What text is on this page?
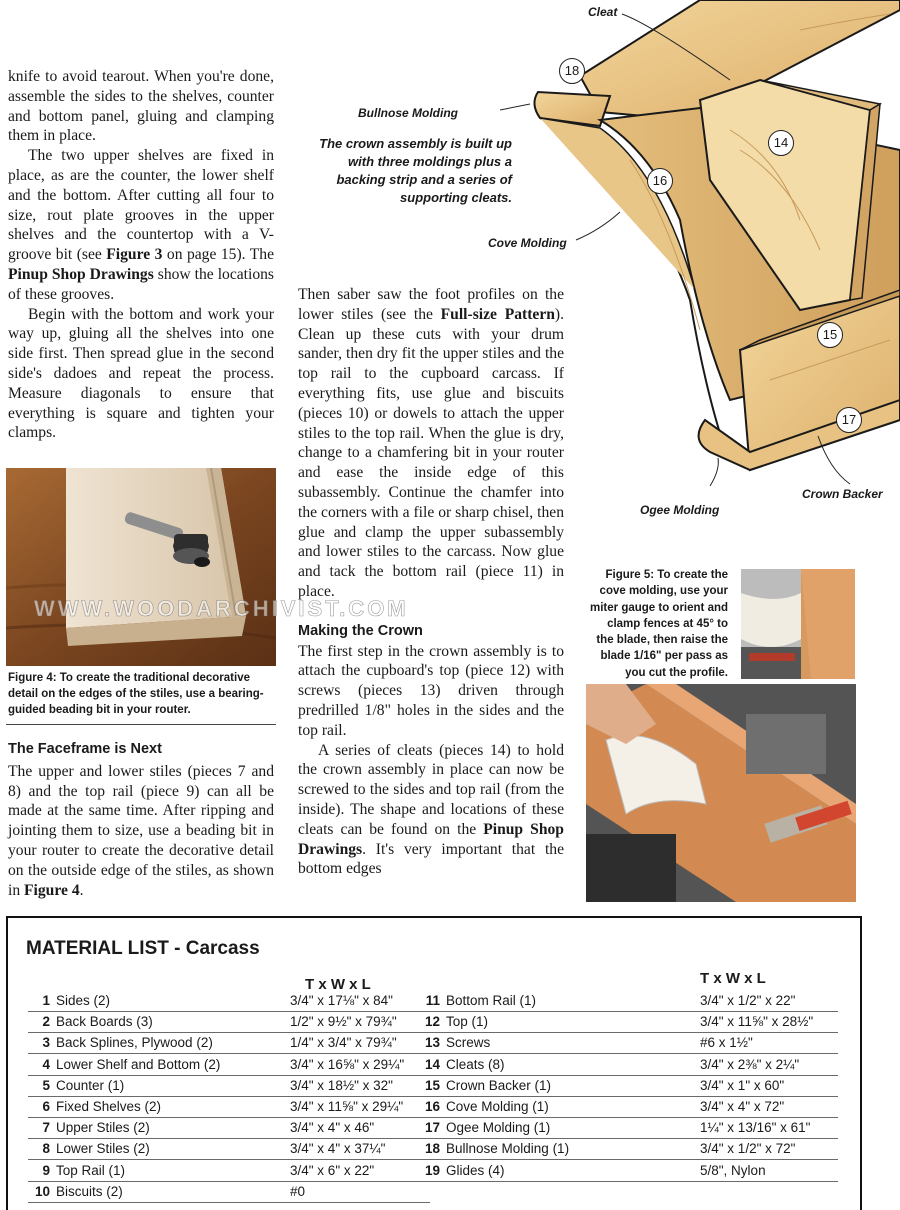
knife to avoid tearout. When you're done, assemble the sides to the shelves, counter and bottom panel, gluing and clamping them in place.

The two upper shelves are fixed in place, as are the counter, the lower shelf and the bottom. After cutting all four to size, rout plate grooves in the upper shelves and the countertop with a V-groove bit (see Figure 3 on page 15). The Pinup Shop Drawings show the locations of these grooves.

Begin with the bottom and work your way up, gluing all the shelves into one side first. Then spread glue in the second side's dadoes and repeat the process. Measure diagonals to ensure that everything is square and tighten your clamps.

WWW.WOODARCHIVIST.COM
Figure 4: To create the traditional decorative detail on the edges of the stiles, use a bearing-guided beading bit in your router.

The Faceframe is Next

The upper and lower stiles (pieces 7 and 8) and the top rail (piece 9) can all be made at the same time. After ripping and jointing them to size, use a beading bit in your router to create the decorative detail on the outside edge of the stiles, as shown in Figure 4.

Then saber saw the foot profiles on the lower stiles (see the Full-size Pattern). Clean up these cuts with your drum sander, then dry fit the upper stiles and the top rail to the cupboard carcass. If everything fits, use glue and biscuits (pieces 10) or dowels to attach the upper stiles to the top rail. When the glue is dry, change to a chamfering bit in your router and ease the inside edge of this subassembly. Continue the chamfer into the corners with a file or sharp chisel, then glue and clamp the upper subassembly and lower stiles to the carcass. Now glue and tack the bottom rail (piece 11) in place.

Making the Crown

The first step in the crown assembly is to attach the cupboard's top (piece 12) with screws (pieces 13) driven through predrilled 1/8" holes in the sides and the top rail.

A series of cleats (pieces 14) to hold the crown assembly in place can now be screwed to the sides and top rail (from the inside). The shape and locations of these cleats can be found on the Pinup Shop Drawings. It's very important that the bottom edges

18
14
16
15
17
Cleat
Bullnose Molding
Cove Molding
Ogee Molding
Crown Backer
The crown assembly is built up with three moldings plus a backing strip and a series of supporting cleats.
Figure 5: To create the cove molding, use your miter gauge to orient and clamp fences at 45° to the blade, then raise the blade 1/16" per pass as you cut the profile.
MATERIAL LIST - Carcass
T x W x L	T x W x L
1 Sides (2)	3/4" x 17⅛" x 84"
2 Back Boards (3)	1/2" x 9½" x 79¾"
3 Back Splines, Plywood (2)	1/4" x 3/4" x 79¾"
4 Lower Shelf and Bottom (2)	3/4" x 16⅝" x 29¼"
5 Counter (1)	3/4" x 18½" x 32"
6 Fixed Shelves (2)	3/4" x 11⅝" x 29¼"
7 Upper Stiles (2)	3/4" x 4" x 46"
8 Lower Stiles (2)	3/4" x 4" x 37¼"
9 Top Rail (1)	3/4" x 6" x 22"
10 Biscuits (2)	#0
11 Bottom Rail (1)	3/4" x 1/2" x 22"
12 Top (1)	3/4" x 11⅝" x 28½"
13 Screws	#6 x 1½"
14 Cleats (8)	3/4" x 2⅜" x 2¼"
15 Crown Backer (1)	3/4" x 1" x 60"
16 Cove Molding (1)	3/4" x 4" x 72"
17 Ogee Molding (1)	1¼" x 13/16" x 61"
18 Bullnose Molding (1)	3/4" x 1/2" x 72"
19 Glides (4)	5/8", Nylon
